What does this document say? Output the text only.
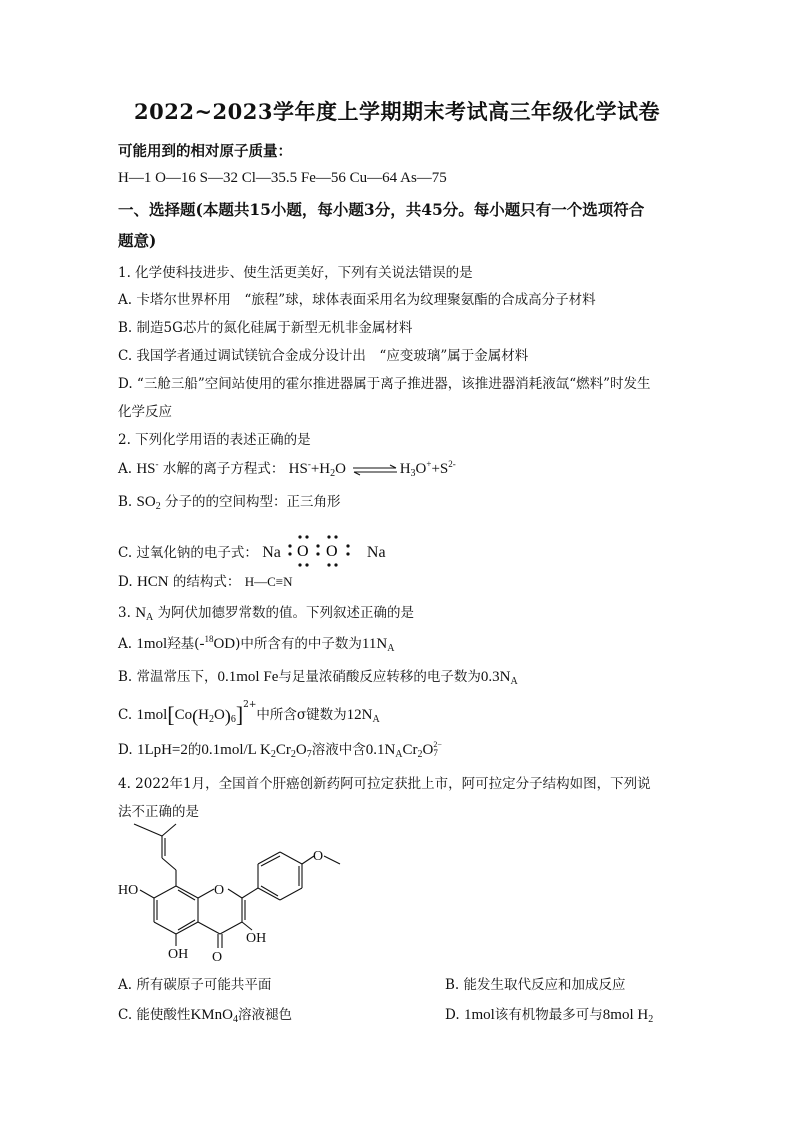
2022~2023学年度上学期期末考试高三年级化学试卷
可能用到的相对原子质量：
H—1 O—16 S—32 Cl—35.5 Fe—56 Cu—64 As—75
一、选择题(本题共15小题，每小题3分，共45分。每小题只有一个选项符合
题意)
1. 化学使科技进步、使生活更美好，下列有关说法错误的是
A. 卡塔尔世界杯用　“旅程”球，球体表面采用名为纹理聚氨酯的合成高分子材料
B. 制造5G芯片的氮化硅属于新型无机非金属材料
C. 我国学者通过调试镁钪合金成分设计出　“应变玻璃”属于金属材料
D. “三舱三船”空间站使用的霍尔推进器属于离子推进器，该推进器消耗液氙“燃料”时发生
化学反应
2. 下列化学用语的表述正确的是
A. HS- 水解的离子方程式： $HS^-+H_2O$ ⇌ $H_3O^++S^{2-}$
B. $SO_2$ 分子的的空间构型：正三角形
C. 过氧化钠的电子式： Na O O Na
D. HCN 的结构式： H—C≡N
3. $N_A$ 为阿伏加德罗常数的值。下列叙述正确的是
A. 1mol羟基(-$^{18}$OD)中所含有的中子数为$11N_A$
B. 常温常压下，0.1mol Fe与足量浓硝酸反应转移的电子数为$0.3N_A$
C. $1mol[Co(H_2O)_6]^{2+}$中所含σ键数为$12N_A$
D. 1LpH=2的0.1mol/L $K_2Cr_2O_7$溶液中含$0.1N_ACr_2O$ 2−
7
4. 2022年1月，全国首个肝癌创新药阿可拉定获批上市，阿可拉定分子结构如图，下列说
法不正确的是
HO	O
O
OH
OH
O
A. 所有碳原子可能共平面	B. 能发生取代反应和加成反应
C. 能使酸性KMnO$_4$溶液褪色	D. 1mol该有机物最多可与8mol $H_2$
